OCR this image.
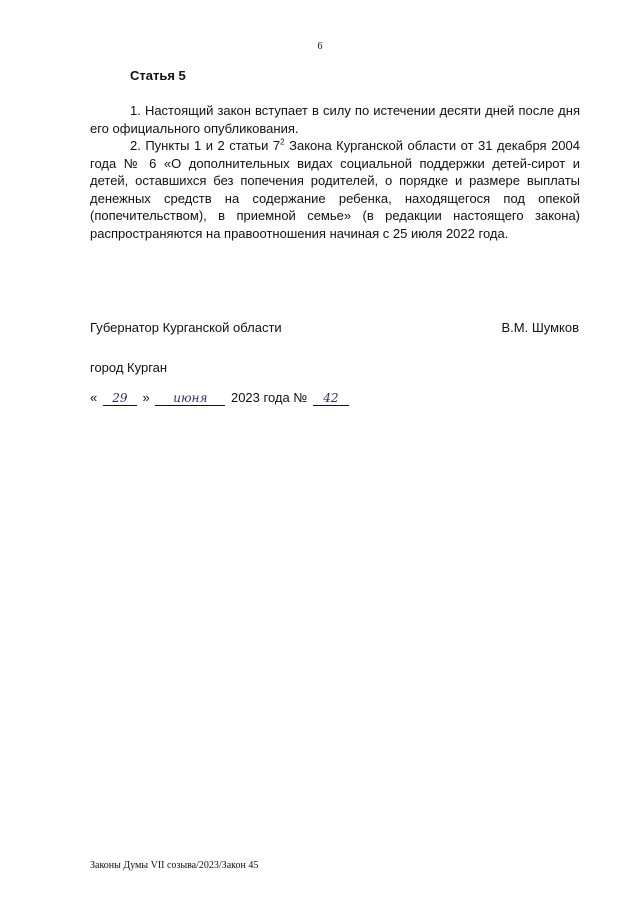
6
Статья 5

1. Настоящий закон вступает в силу по истечении десяти дней после дня его официального опубликования.

2. Пункты 1 и 2 статьи $7^2$ Закона Курганской области от 31 декабря 2004 года № 6 «О дополнительных видах социальной поддержки детей-сирот и детей, оставшихся без попечения родителей, о порядке и размере выплаты денежных средств на содержание ребенка, находящегося под опекой (попечительством), в приемной семье» (в редакции настоящего закона) распространяются на правоотношения начиная с 25 июля 2022 года.

Губернатор Курганской области	В.М. Шумков
город Курган
« 29 » июня 2023 года № 42
Законы Думы VII созыва/2023/Закон 45
